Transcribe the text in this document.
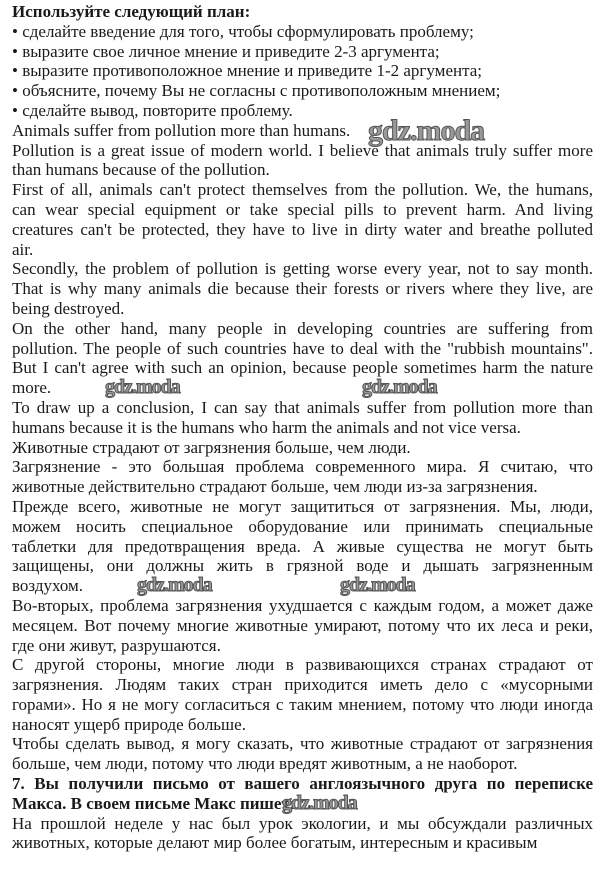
Используйте следующий план:
• сделайте введение для того, чтобы сформулировать проблему;
• выразите свое личное мнение и приведите 2-3 аргумента;
• выразите противоположное мнение и приведите 1-2 аргумента;
• объясните, почему Вы не согласны с противоположным мнением;
• сделайте вывод, повторите проблему.
Animals suffer from pollution more than humans.
Pollution is a great issue of modern world. I believe that animals truly suffer more
than humans because of the pollution.
First of all, animals can't protect themselves from the pollution. We, the humans,
can wear special equipment or take special pills to prevent harm. And living
creatures can't be protected, they have to live in dirty water and breathe polluted
air.
Secondly, the problem of pollution is getting worse every year, not to say month.
That is why many animals die because their forests or rivers where they live, are
being destroyed.
On the other hand, many people in developing countries are suffering from
pollution. The people of such countries have to deal with the "rubbish mountains".
But I can't agree with such an opinion, because people sometimes harm the nature
more.
To draw up a conclusion, I can say that animals suffer from pollution more than
humans because it is the humans who harm the animals and not vice versa.
Животные страдают от загрязнения больше, чем люди.
Загрязнение - это большая проблема современного мира. Я считаю, что
животные действительно страдают больше, чем люди из-за загрязнения.
Прежде всего, животные не могут защититься от загрязнения. Мы, люди,
можем носить специальное оборудование или принимать специальные
таблетки для предотвращения вреда. А живые существа не могут быть
защищены, они должны жить в грязной воде и дышать загрязненным
воздухом.
Во-вторых, проблема загрязнения ухудшается с каждым годом, а может даже
месяцем. Вот почему многие животные умирают, потому что их леса и реки,
где они живут, разрушаются.
С другой стороны, многие люди в развивающихся странах страдают от
загрязнения. Людям таких стран приходится иметь дело с «мусорными
горами». Но я не могу согласиться с таким мнением, потому что люди иногда
наносят ущерб природе больше.
Чтобы сделать вывод, я могу сказать, что животные страдают от загрязнения
больше, чем люди, потому что люди вредят животным, а не наоборот.
7. Вы получили письмо от вашего англоязычного друга по переписке
Макса. В своем письме Макс пишет:
На прошлой неделе у нас был урок экологии, и мы обсуждали различных
животных, которые делают мир более богатым, интересным и красивым
gdz.moda
gdz.moda	gdz.moda
gdz.moda	gdz.moda
gdz.moda
